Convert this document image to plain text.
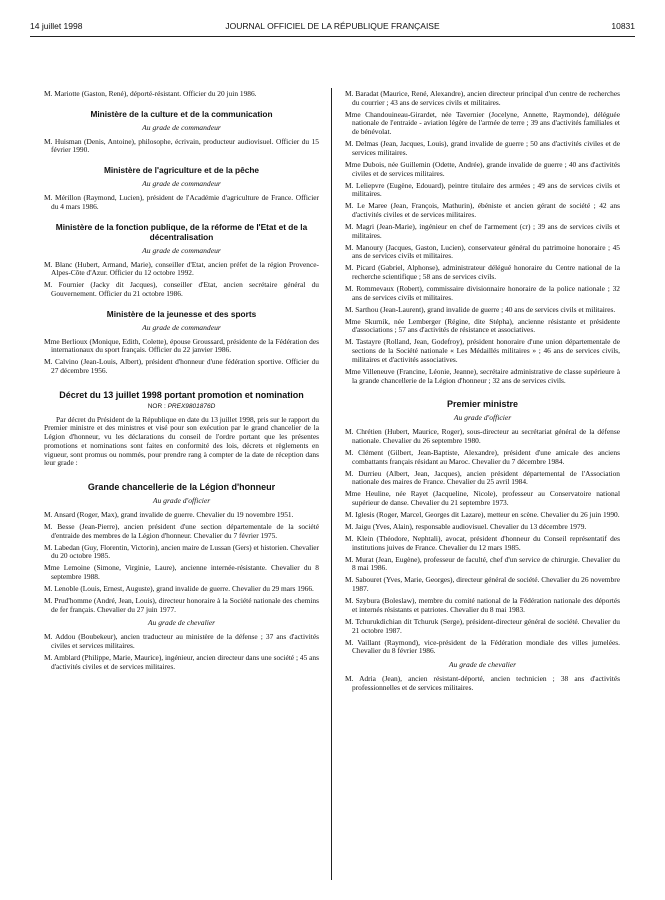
14 juillet 1998	JOURNAL OFFICIEL DE LA RÉPUBLIQUE FRANÇAISE	10831
M. Mariotte (Gaston, René), déporté-résistant. Officier du 20 juin 1986.
Ministère de la culture et de la communication
Au grade de commandeur
M. Huisman (Denis, Antoine), philosophe, écrivain, producteur audiovisuel. Officier du 15 février 1990.
Ministère de l'agriculture et de la pêche
Au grade de commandeur
M. Mérillon (Raymond, Lucien), président de l'Académie d'agriculture de France. Officier du 4 mars 1986.
Ministère de la fonction publique, de la réforme de l'Etat et de la décentralisation
Au grade de commandeur
M. Blanc (Hubert, Armand, Marie), conseiller d'Etat, ancien préfet de la région Provence-Alpes-Côte d'Azur. Officier du 12 octobre 1992.
M. Fournier (Jacky dit Jacques), conseiller d'Etat, ancien secrétaire général du Gouvernement. Officier du 21 octobre 1986.
Ministère de la jeunesse et des sports
Au grade de commandeur
Mme Berlioux (Monique, Edith, Colette), épouse Groussard, présidente de la Fédération des internationaux du sport français. Officier du 22 janvier 1986.
M. Calvino (Jean-Louis, Albert), président d'honneur d'une fédération sportive. Officier du 27 décembre 1956.
Décret du 13 juillet 1998 portant promotion et nomination
NOR : PREX9801876D
Par décret du Président de la République en date du 13 juillet 1998, pris sur le rapport du Premier ministre et des ministres et visé pour son exécution par le grand chancelier de la Légion d'honneur, vu les déclarations du conseil de l'ordre portant que les présentes promotions et nominations sont faites en conformité des lois, décrets et règlements en vigueur, sont promus ou nommés, pour prendre rang à compter de la date de réception dans leur grade :
Grande chancellerie de la Légion d'honneur
Au grade d'officier
M. Ansard (Roger, Max), grand invalide de guerre. Chevalier du 19 novembre 1951.
M. Besse (Jean-Pierre), ancien président d'une section départementale de la société d'entraide des membres de la Légion d'honneur. Chevalier du 7 février 1975.
M. Labedan (Guy, Florentin, Victorin), ancien maire de Lussan (Gers) et historien. Chevalier du 20 octobre 1985.
Mme Lemoine (Simone, Virginie, Laure), ancienne internée-résistante. Chevalier du 8 septembre 1988.
M. Lenoble (Louis, Ernest, Auguste), grand invalide de guerre. Chevalier du 29 mars 1966.
M. Prud'homme (André, Jean, Louis), directeur honoraire à la Société nationale des chemins de fer français. Chevalier du 27 juin 1977.
Au grade de chevalier
M. Addou (Boubekeur), ancien traducteur au ministère de la défense ; 37 ans d'activités civiles et services militaires.
M. Amblard (Philippe, Marie, Maurice), ingénieur, ancien directeur dans une société ; 45 ans d'activités civiles et de services militaires.
M. Baradat (Maurice, René, Alexandre), ancien directeur principal d'un centre de recherches du courrier ; 43 ans de services civils et militaires.
Mme Chandouineau-Girardet, née Tavernier (Jocelyne, Annette, Raymonde), déléguée nationale de l'entraide - aviation légère de l'armée de terre ; 39 ans d'activités familiales et de bénévolat.
M. Delmas (Jean, Jacques, Louis), grand invalide de guerre ; 50 ans d'activités civiles et de services militaires.
Mme Dubois, née Guillemin (Odette, Andrée), grande invalide de guerre ; 40 ans d'activités civiles et de services militaires.
M. Leliepvre (Eugène, Edouard), peintre titulaire des armées ; 49 ans de services civils et militaires.
M. Le Maree (Jean, François, Mathurin), ébéniste et ancien gérant de société ; 42 ans d'activités civiles et de services militaires.
M. Magri (Jean-Marie), ingénieur en chef de l'armement (cr) ; 39 ans de services civils et militaires.
M. Manoury (Jacques, Gaston, Lucien), conservateur général du patrimoine honoraire ; 45 ans de services civils et militaires.
M. Picard (Gabriel, Alphonse), administrateur délégué honoraire du Centre national de la recherche scientifique ; 58 ans de services civils.
M. Rommevaux (Robert), commissaire divisionnaire honoraire de la police nationale ; 32 ans de services civils et militaires.
M. Sarthou (Jean-Laurent), grand invalide de guerre ; 40 ans de services civils et militaires.
Mme Skurnik, née Lemberger (Régine, dite Stépha), ancienne résistante et présidente d'associations ; 57 ans d'activités de résistance et associatives.
M. Tastayre (Rolland, Jean, Godefroy), président honoraire d'une union départementale de sections de la Société nationale « Les Médaillés militaires » ; 46 ans de services civils, militaires et d'activités associatives.
Mme Villeneuve (Francine, Léonie, Jeanne), secrétaire administrative de classe supérieure à la grande chancellerie de la Légion d'honneur ; 32 ans de services civils.
Premier ministre
Au grade d'officier
M. Chrétien (Hubert, Maurice, Roger), sous-directeur au secrétariat général de la défense nationale. Chevalier du 26 septembre 1980.
M. Clément (Gilbert, Jean-Baptiste, Alexandre), président d'une amicale des anciens combattants français résidant au Maroc. Chevalier du 7 décembre 1984.
M. Durrieu (Albert, Jean, Jacques), ancien président départemental de l'Association nationale des maires de France. Chevalier du 25 avril 1984.
Mme Heuline, née Rayet (Jacqueline, Nicole), professeur au Conservatoire national supérieur de danse. Chevalier du 21 septembre 1973.
M. Iglesis (Roger, Marcel, Georges dit Lazare), metteur en scène. Chevalier du 26 juin 1990.
M. Jaigu (Yves, Alain), responsable audiovisuel. Chevalier du 13 décembre 1979.
M. Klein (Théodore, Nephtali), avocat, président d'honneur du Conseil représentatif des institutions juives de France. Chevalier du 12 mars 1985.
M. Murat (Jean, Eugène), professeur de faculté, chef d'un service de chirurgie. Chevalier du 8 mai 1986.
M. Sabouret (Yves, Marie, Georges), directeur général de société. Chevalier du 26 novembre 1987.
M. Szybura (Boleslaw), membre du comité national de la Fédération nationale des déportés et internés résistants et patriotes. Chevalier du 8 mai 1983.
M. Tchurukdichian dit Tchuruk (Serge), président-directeur général de société. Chevalier du 21 octobre 1987.
M. Vaillant (Raymond), vice-président de la Fédération mondiale des villes jumelées. Chevalier du 8 février 1986.
Au grade de chevalier
M. Adria (Jean), ancien résistant-déporté, ancien technicien ; 38 ans d'activités professionnelles et de services militaires.
